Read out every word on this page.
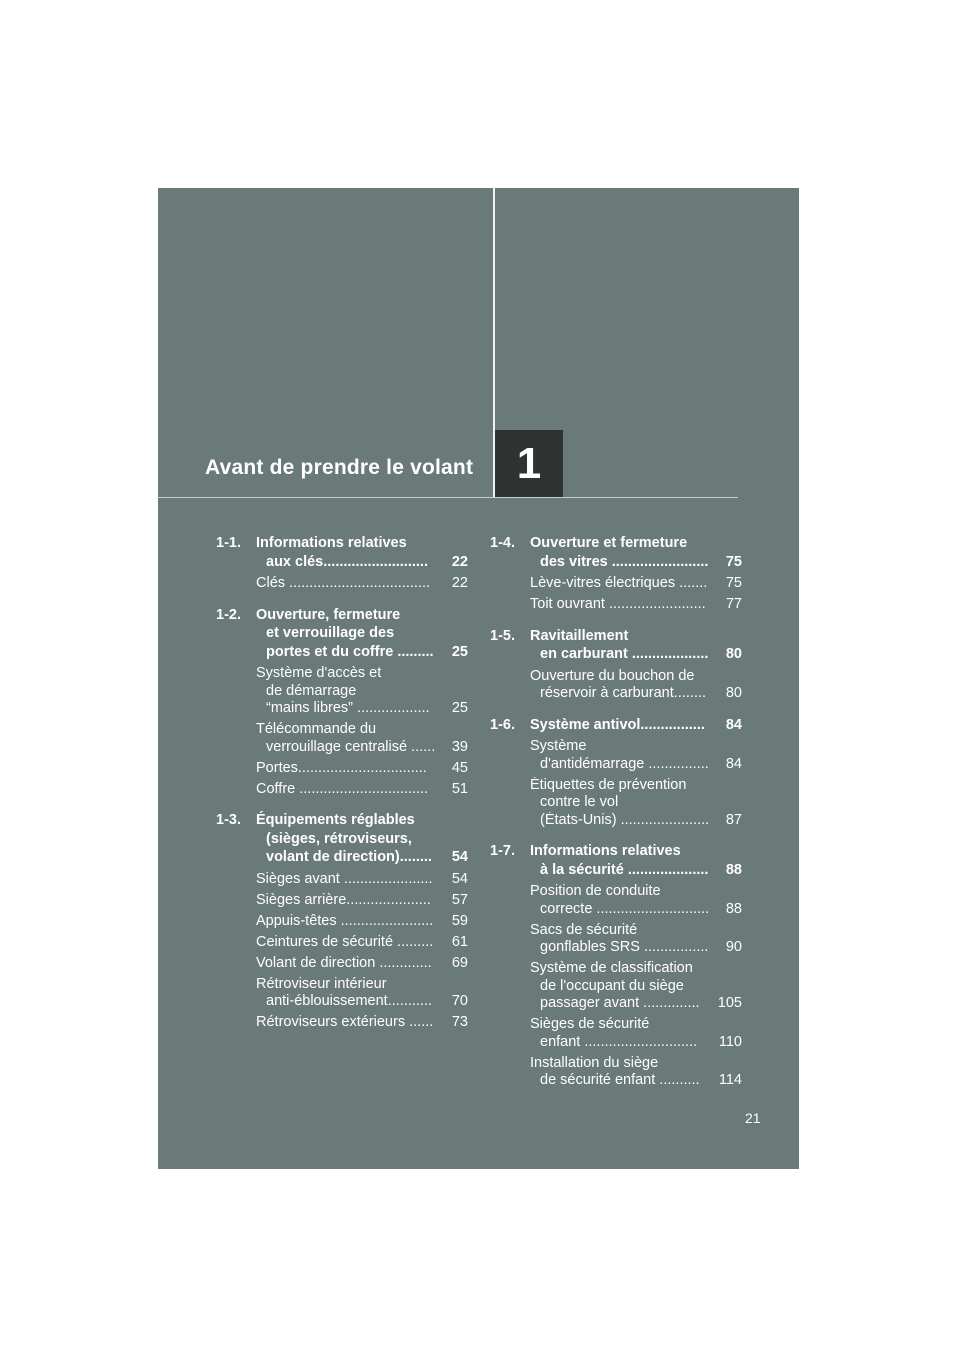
Avant de prendre le volant 1
1-1. Informations relatives
22
aux clés..........................
22
Clés ...................................
1-2. Ouverture, fermeture
et verrouillage des
25
portes et du coffre .........
Système d'accès et
de démarrage
25
“mains libres” ..................
Télécommande du
39
verrouillage centralisé ......
45
Portes................................
51
Coffre ................................
1-3. Équipements réglables
(sièges, rétroviseurs,
54
volant de direction)........
54
Sièges avant ......................
57
Sièges arrière.....................
59
Appuis-têtes .......................
61
Ceintures de sécurité .........
69
Volant de direction .............
Rétroviseur intérieur
70
anti-éblouissement...........
73
Rétroviseurs extérieurs ......
1-4. Ouverture et fermeture
75
des vitres ........................
75
Lève-vitres électriques .......
77
Toit ouvrant ........................
1-5. Ravitaillement
80
en carburant ...................
Ouverture du bouchon de
80
réservoir à carburant........
1-6.	84
Système antivol................
Système
84
d'antidémarrage ...............
Étiquettes de prévention
contre le vol
87
(États-Unis) ......................
1-7. Informations relatives
88
à la sécurité ....................
Position de conduite
88
correcte ............................
Sacs de sécurité
90
gonflables SRS ................
Système de classification
de l'occupant du siège
105
passager avant ..............
Sièges de sécurité
110
enfant ............................
Installation du siège
114
de sécurité enfant ..........
21
